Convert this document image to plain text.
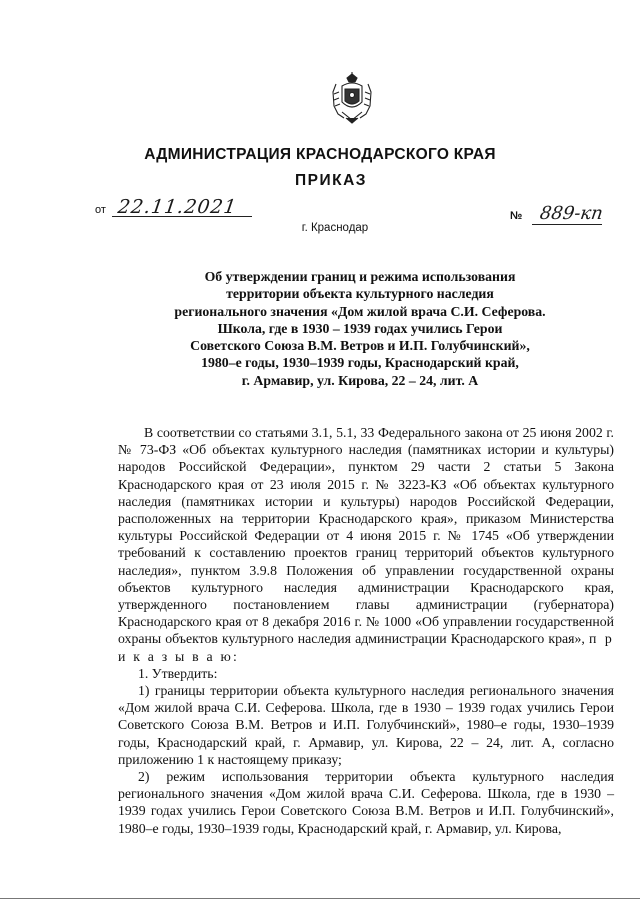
АДМИНИСТРАЦИЯ КРАСНОДАРСКОГО КРАЯ
ПРИКАЗ
от 22.11.2021
г. Краснодар
№ 889-кп
Об утверждении границ и режима использования
территории объекта культурного наследия
регионального значения «Дом жилой врача С.И. Сеферова.
Школа, где в 1930 – 1939 годах учились Герои
Советского Союза В.М. Ветров и И.П. Голубчинский»,
1980–е годы, 1930–1939 годы, Краснодарский край,
г. Армавир, ул. Кирова, 22 – 24, лит. А

В соответствии со статьями 3.1, 5.1, 33 Федерального закона от 25 июня 2002 г. № 73-ФЗ «Об объектах культурного наследия (памятниках истории и культуры) народов Российской Федерации», пунктом 29 части 2 статьи 5 Закона Краснодарского края от 23 июля 2015 г. № 3223-КЗ «Об объектах культурного наследия (памятниках истории и культуры) народов Российской Федерации, расположенных на территории Краснодарского края», приказом Министерства культуры Российской Федерации от 4 июня 2015 г. № 1745 «Об утверждении требований к составлению проектов границ территорий объектов культурного наследия», пунктом 3.9.8 Положения об управлении государственной охраны объектов культурного наследия администрации Краснодарского края, утвержденного постановлением главы администрации (губернатора) Краснодарского края от 8 декабря 2016 г. № 1000 «Об управлении государственной охраны объектов культурного наследия администрации Краснодарского края», п р и к а з ы в а ю:

1. Утвердить:

1) границы территории объекта культурного наследия регионального значения «Дом жилой врача С.И. Сеферова. Школа, где в 1930 – 1939 годах учились Герои Советского Союза В.М. Ветров и И.П. Голубчинский», 1980–е годы, 1930–1939 годы, Краснодарский край, г. Армавир, ул. Кирова, 22 – 24, лит. А, согласно приложению 1 к настоящему приказу;

2) режим использования территории объекта культурного наследия регионального значения «Дом жилой врача С.И. Сеферова. Школа, где в 1930 – 1939 годах учились Герои Советского Союза В.М. Ветров и И.П. Голубчинский», 1980–е годы, 1930–1939 годы, Краснодарский край, г. Армавир, ул. Кирова,
